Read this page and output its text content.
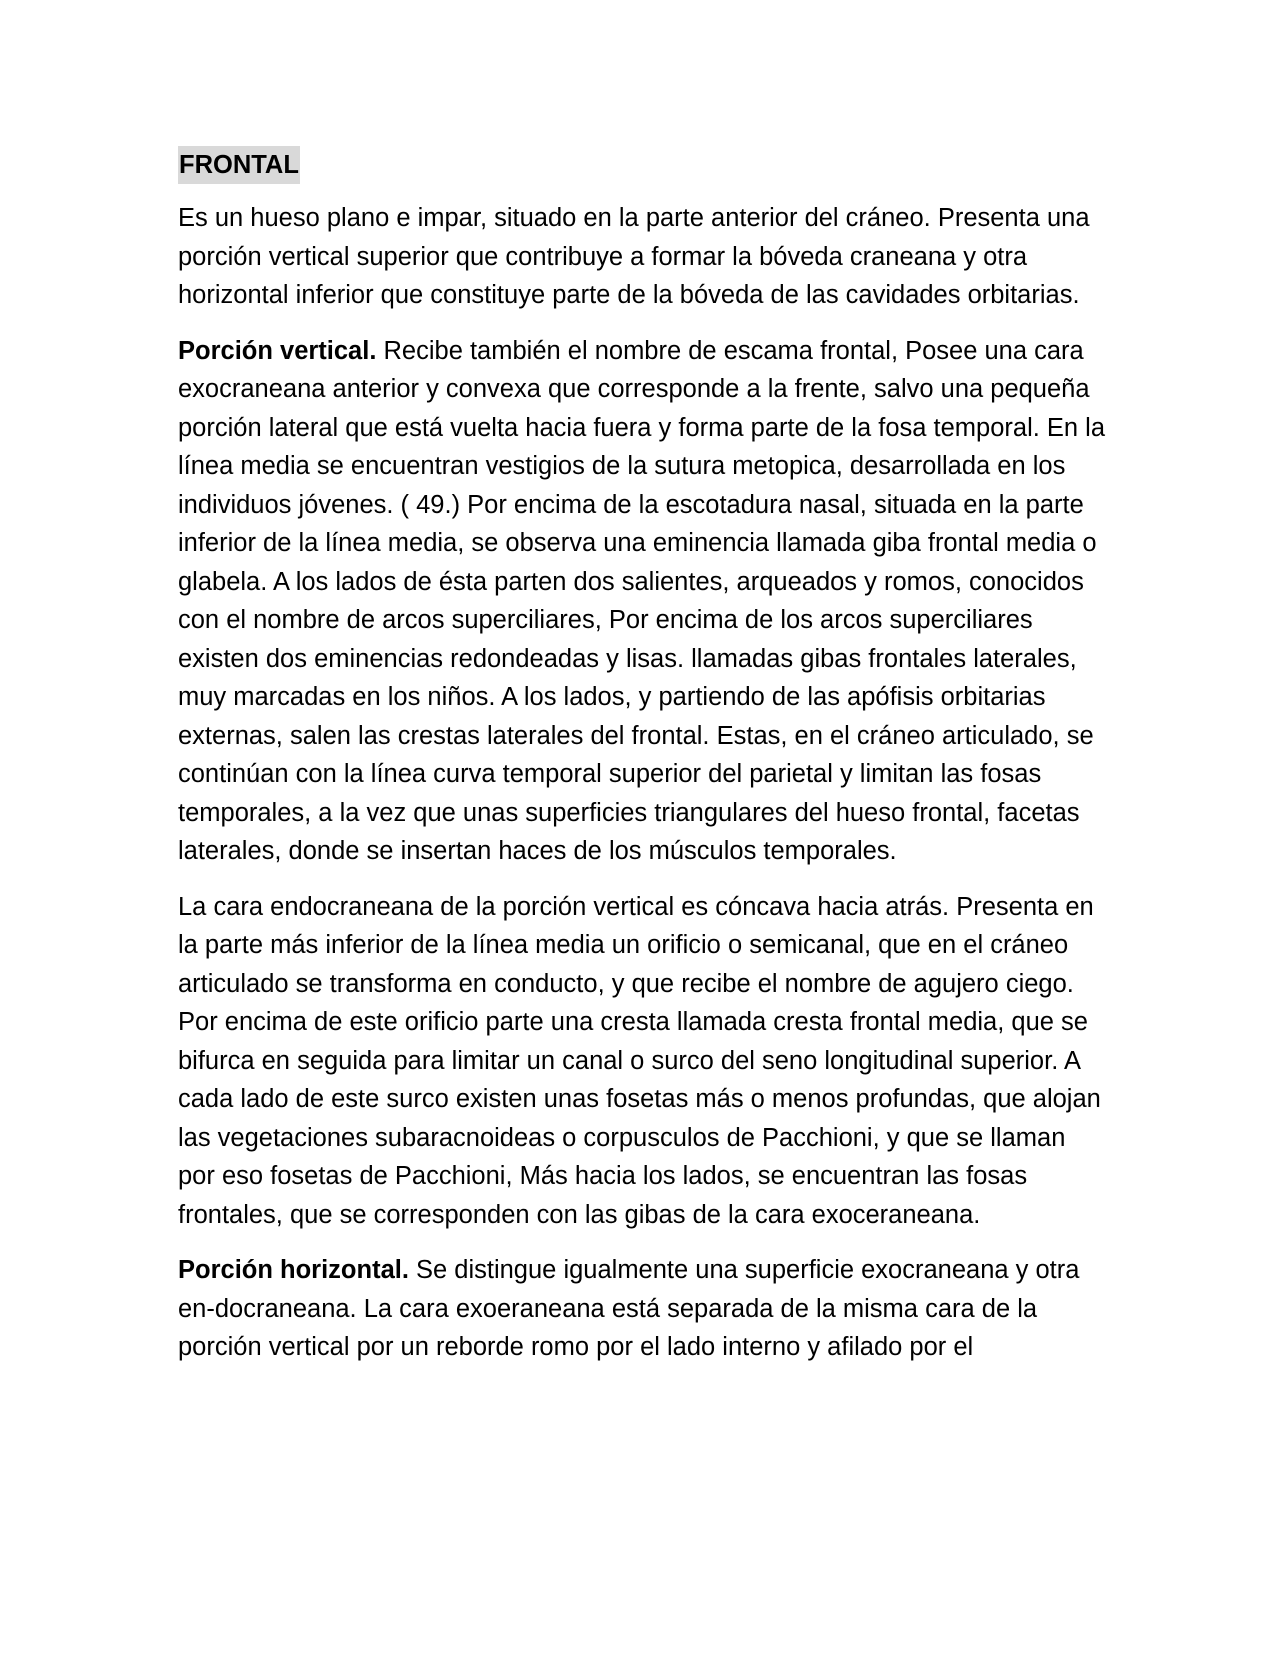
FRONTAL

Es un hueso plano e impar, situado en la parte anterior del cráneo. Presenta una porción vertical superior que contribuye a formar la bóveda craneana y otra horizontal inferior que constituye parte de la bóveda de las cavidades orbitarias.

Porción vertical. Recibe también el nombre de escama frontal, Posee una cara exocraneana anterior y convexa que corresponde a la frente, salvo una pequeña porción lateral que está vuelta hacia fuera y forma parte de la fosa temporal. En la línea media se encuentran vestigios de la sutura metopica, desarrollada en los individuos jóvenes. ( 49.) Por encima de la escotadura nasal, situada en la parte inferior de la línea media, se observa una eminencia llamada giba frontal media o glabela. A los lados de ésta parten dos salientes, arqueados y romos, conocidos con el nombre de arcos superciliares, Por encima de los arcos superciliares existen dos eminencias redondeadas y lisas. llamadas gibas frontales laterales, muy marcadas en los niños. A los lados, y partiendo de las apófisis orbitarias externas, salen las crestas laterales del frontal. Estas, en el cráneo articulado, se continúan con la línea curva temporal superior del parietal y limitan las fosas temporales, a la vez que unas superficies triangulares del hueso frontal, facetas laterales, donde se insertan haces de los músculos temporales.

La cara endocraneana de la porción vertical es cóncava hacia atrás. Presenta en la parte más inferior de la línea media un orificio o semicanal, que en el cráneo articulado se transforma en conducto, y que recibe el nombre de agujero ciego. Por encima de este orificio parte una cresta llamada cresta frontal media, que se bifurca en seguida para limitar un canal o surco del seno longitudinal superior. A cada lado de este surco existen unas fosetas más o menos profundas, que alojan las vegetaciones subaracnoideas o corpusculos de Pacchioni, y que se llaman por eso fosetas de Pacchioni, Más hacia los lados, se encuentran las fosas frontales, que se corresponden con las gibas de la cara exoceraneana.

Porción horizontal. Se distingue igualmente una superficie exocraneana y otra en-docraneana. La cara exoeraneana está separada de la misma cara de la porción vertical por un reborde romo por el lado interno y afilado por el
